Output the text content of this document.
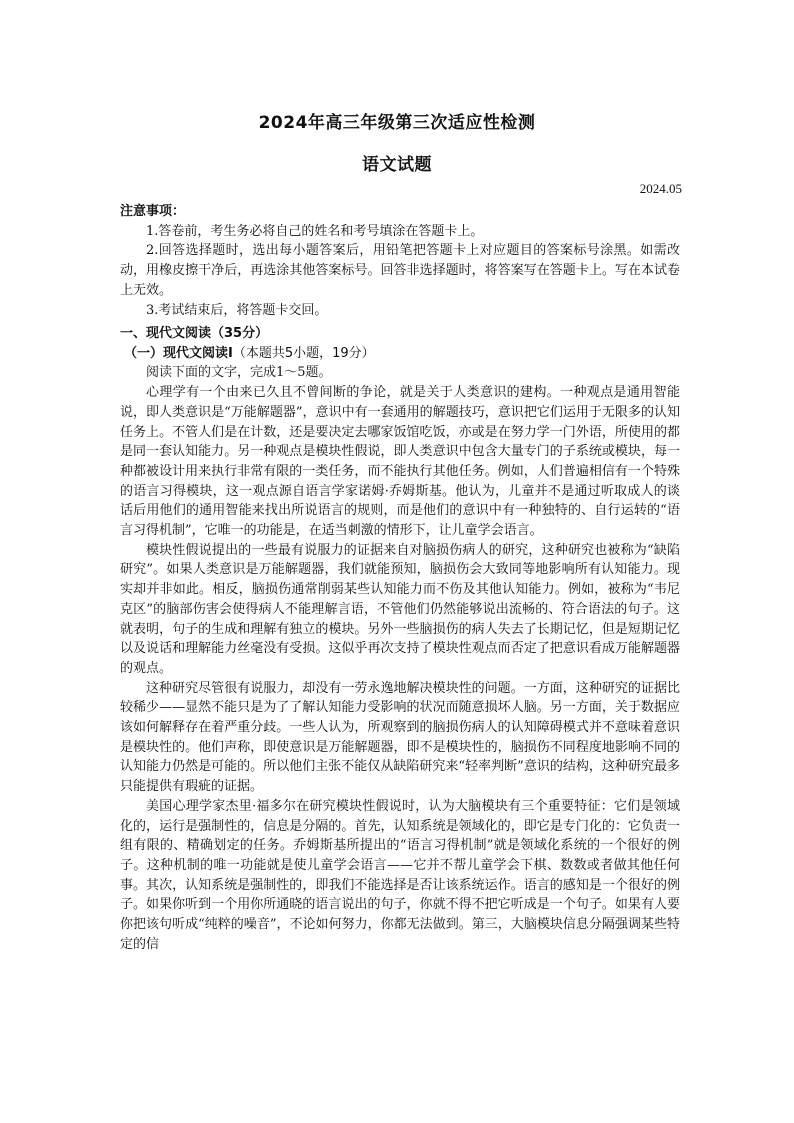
2024年高三年级第三次适应性检测
语文试题
2024.05

注意事项：

1.答卷前，考生务必将自己的姓名和考号填涂在答题卡上。

2.回答选择题时，选出每小题答案后，用铅笔把答题卡上对应题目的答案标号涂黑。如需改动，用橡皮擦干净后，再选涂其他答案标号。回答非选择题时，将答案写在答题卡上。写在本试卷上无效。

3.考试结束后，将答题卡交回。

一、现代文阅读（35分）

（一）现代文阅读Ⅰ（本题共5小题，19分）

阅读下面的文字，完成1～5题。

心理学有一个由来已久且不曾间断的争论，就是关于人类意识的建构。一种观点是通用智能说，即人类意识是“万能解题器”，意识中有一套通用的解题技巧，意识把它们运用于无限多的认知任务上。不管人们是在计数，还是要决定去哪家饭馆吃饭，亦或是在努力学一门外语，所使用的都是同一套认知能力。另一种观点是模块性假说，即人类意识中包含大量专门的子系统或模块，每一种都被设计用来执行非常有限的一类任务，而不能执行其他任务。例如，人们普遍相信有一个特殊的语言习得模块，这一观点源自语言学家诺姆·乔姆斯基。他认为，儿童并不是通过听取成人的谈话后用他们的通用智能来找出所说语言的规则，而是他们的意识中有一种独特的、自行运转的“语言习得机制”，它唯一的功能是，在适当刺激的情形下，让儿童学会语言。

模块性假说提出的一些最有说服力的证据来自对脑损伤病人的研究，这种研究也被称为“缺陷研究”。如果人类意识是万能解题器，我们就能预知，脑损伤会大致同等地影响所有认知能力。现实却并非如此。相反，脑损伤通常削弱某些认知能力而不伤及其他认知能力。例如，被称为“韦尼克区”的脑部伤害会使得病人不能理解言语，不管他们仍然能够说出流畅的、符合语法的句子。这就表明，句子的生成和理解有独立的模块。另外一些脑损伤的病人失去了长期记忆，但是短期记忆以及说话和理解能力丝毫没有受损。这似乎再次支持了模块性观点而否定了把意识看成万能解题器的观点。

这种研究尽管很有说服力，却没有一劳永逸地解决模块性的问题。一方面，这种研究的证据比较稀少——显然不能只是为了了解认知能力受影响的状况而随意损坏人脑。另一方面，关于数据应该如何解释存在着严重分歧。一些人认为，所观察到的脑损伤病人的认知障碍模式并不意味着意识是模块性的。他们声称，即使意识是万能解题器，即不是模块性的，脑损伤不同程度地影响不同的认知能力仍然是可能的。所以他们主张不能仅从缺陷研究来“轻率判断”意识的结构，这种研究最多只能提供有瑕疵的证据。

美国心理学家杰里·福多尔在研究模块性假说时，认为大脑模块有三个重要特征：它们是领域化的，运行是强制性的，信息是分隔的。首先，认知系统是领域化的，即它是专门化的：它负责一组有限的、精确划定的任务。乔姆斯基所提出的“语言习得机制”就是领域化系统的一个很好的例子。这种机制的唯一功能就是使儿童学会语言——它并不帮儿童学会下棋、数数或者做其他任何事。其次，认知系统是强制性的，即我们不能选择是否让该系统运作。语言的感知是一个很好的例子。如果你听到一个用你所通晓的语言说出的句子，你就不得不把它听成是一个句子。如果有人要你把该句听成“纯粹的噪音”，不论如何努力，你都无法做到。第三，大脑模块信息分隔强调某些特定的信
